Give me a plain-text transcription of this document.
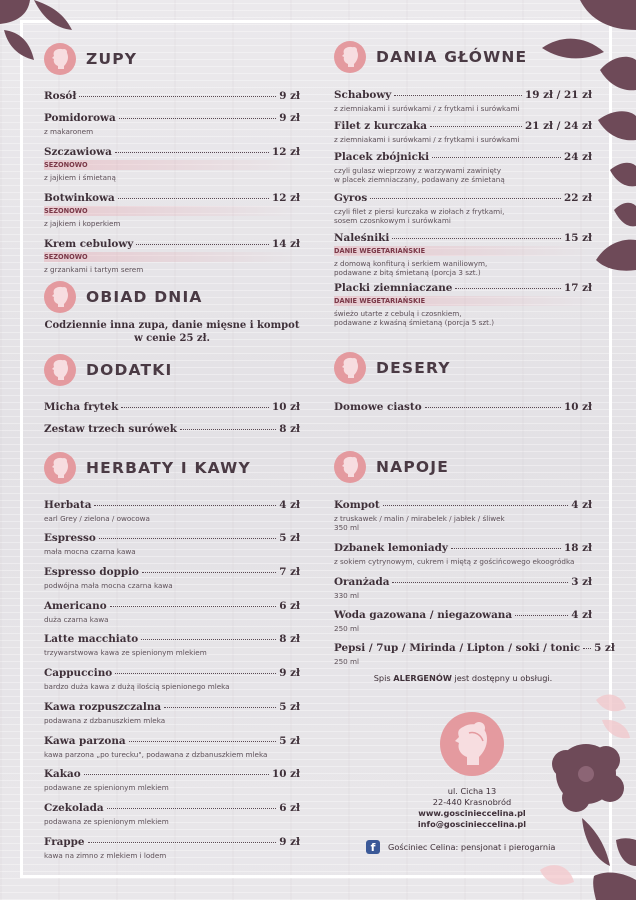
ZUPY
Rosół	9 zł
Pomidorowa	9 zł
z makaronem
Szczawiowa	12 zł
SEZONOWO
z jajkiem i śmietaną
Botwinkowa	12 zł
SEZONOWO
z jajkiem i koperkiem
Krem cebulowy	14 zł
SEZONOWO
z grzankami i tartym serem
OBIAD DNIA
Codziennie inna zupa, danie mięsne i kompot
w cenie 25 zł.
DODATKI
Micha frytek	10 zł
Zestaw trzech surówek	8 zł
HERBATY I KAWY
Herbata	4 zł
earl Grey / zielona / owocowa
Espresso	5 zł
mała mocna czarna kawa
Espresso doppio	7 zł
podwójna mała mocna czarna kawa
Americano	6 zł
duża czarna kawa
Latte macchiato	8 zł
trzywarstwowa kawa ze spienionym mlekiem
Cappuccino	9 zł
bardzo duża kawa z dużą ilością spienionego mleka
Kawa rozpuszczalna	5 zł
podawana z dzbanuszkiem mleka
Kawa parzona	5 zł
kawa parzona „po turecku", podawana z dzbanuszkiem mleka
Kakao	10 zł
podawane ze spienionym mlekiem
Czekolada	6 zł
podawana ze spienionym mlekiem
Frappe	9 zł
kawa na zimno z mlekiem i lodem
DANIA GŁÓWNE
Schabowy	19 zł / 21 zł
z ziemniakami i surówkami / z frytkami i surówkami
Filet z kurczaka	21 zł / 24 zł
z ziemniakami i surówkami / z frytkami i surówkami
Placek zbójnicki	24 zł
czyli gulasz wieprzowy z warzywami zawinięty
w placek ziemniaczany, podawany ze śmietaną
Gyros	22 zł
czyli filet z piersi kurczaka w ziołach z frytkami,
sosem czosnkowym i surówkami
Naleśniki	15 zł
DANIE WEGETARIAŃSKIE
z domową konfiturą i serkiem waniliowym,
podawane z bitą śmietaną (porcja 3 szt.)
Placki ziemniaczane	17 zł
DANIE WEGETARIAŃSKIE
świeżo utarte z cebulą i czosnkiem,
podawane z kwaśną śmietaną (porcja 5 szt.)
DESERY
Domowe ciasto	10 zł
NAPOJE
Kompot	4 zł
z truskawek / malin / mirabelek / jabłek / śliwek
350 ml
Dzbanek lemoniady	18 zł
z sokiem cytrynowym, cukrem i miętą z gościńcowego ekoogródka
Oranżada	3 zł
330 ml
Woda gazowana / niegazowana	4 zł
250 ml
Pepsi / 7up / Mirinda / Lipton / soki / tonic 5 zł
250 ml
Spis ALERGENÓW jest dostępny u obsługi.
ul. Cicha 13
22-440 Krasnobród
www.goscinieccelina.pl
info@goscinieccelina.pl
f	Gościniec Celina: pensjonat i pierogarnia
